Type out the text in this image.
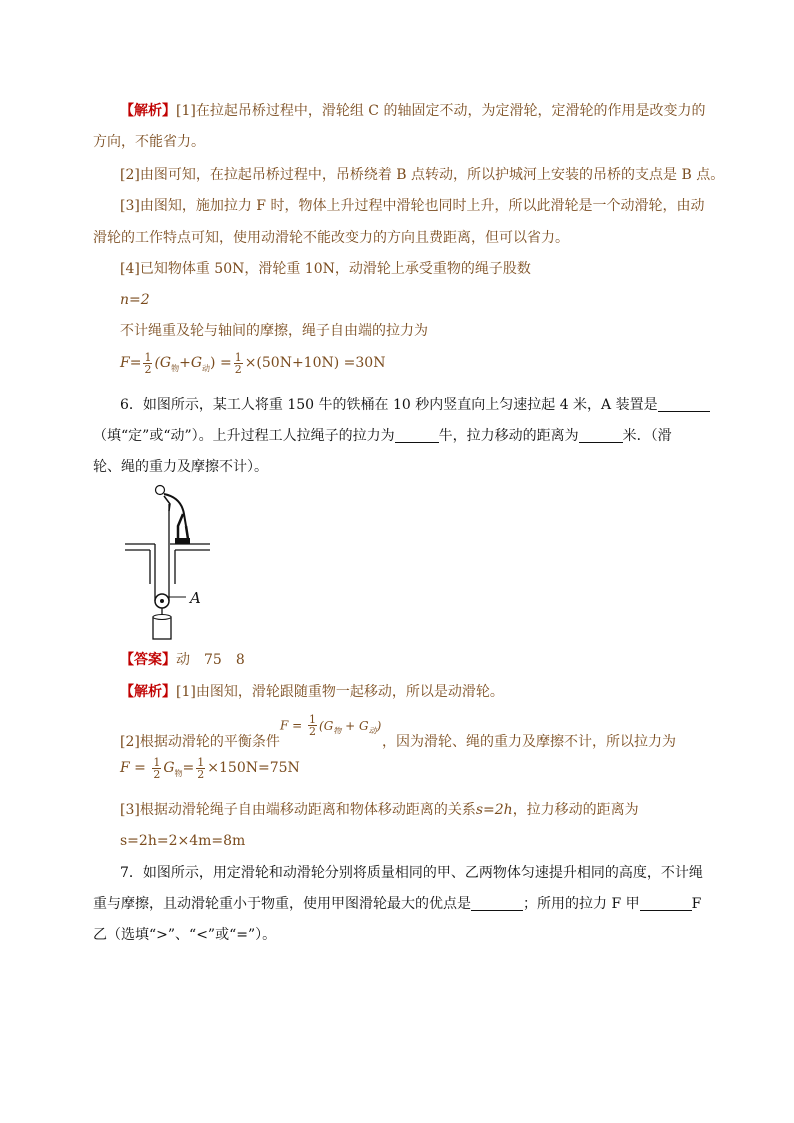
【解析】[1]在拉起吊桥过程中，滑轮组 C 的轴固定不动，为定滑轮，定滑轮的作用是改变力的
方向，不能省力。
[2]由图可知，在拉起吊桥过程中，吊桥绕着 B 点转动，所以护城河上安装的吊桥的支点是 B 点。
[3]由图知，施加拉力 F 时，物体上升过程中滑轮也同时上升，所以此滑轮是一个动滑轮，由动
滑轮的工作特点可知，使用动滑轮不能改变力的方向且费距离，但可以省力。
[4]已知物体重 50N，滑轮重 10N，动滑轮上承受重物的绳子股数
n=2
不计绳重及轮与轴间的摩擦，绳子自由端的拉力为
$F= \frac{1}{2} (G_物+G_动) = \frac{1}{2} \times(50N+10N) =30N$
6．如图所示，某工人将重 150 牛的铁桶在 10 秒内竖直向上匀速拉起 4 米，A 装置是
（填“定”或“动”）。上升过程工人拉绳子的拉力为	牛，拉力移动的距离为	米．（滑
轮、绳的重力及摩擦不计）。
A
【答案】动　75　8
【解析】[1]由图知，滑轮跟随重物一起移动，所以是动滑轮。
[2]根据动滑轮的平衡条件
$F = \frac{1}{2} (G_物 + G_动)$
，因为滑轮、绳的重力及摩擦不计，所以拉力为
$F = \frac{1}{2} G_物= \frac{1}{2} \times 150N=75N$
[3]根据动滑轮绳子自由端移动距离和物体移动距离的关系s=2h，拉力移动的距离为
s=2h=2×4m=8m
7．如图所示，用定滑轮和动滑轮分别将质量相同的甲、乙两物体匀速提升相同的高度，不计绳
重与摩擦，且动滑轮重小于物重，使用甲图滑轮最大的优点是	；所用的拉力 F 甲	F
乙（选填“>”、“<”或“=”）。
